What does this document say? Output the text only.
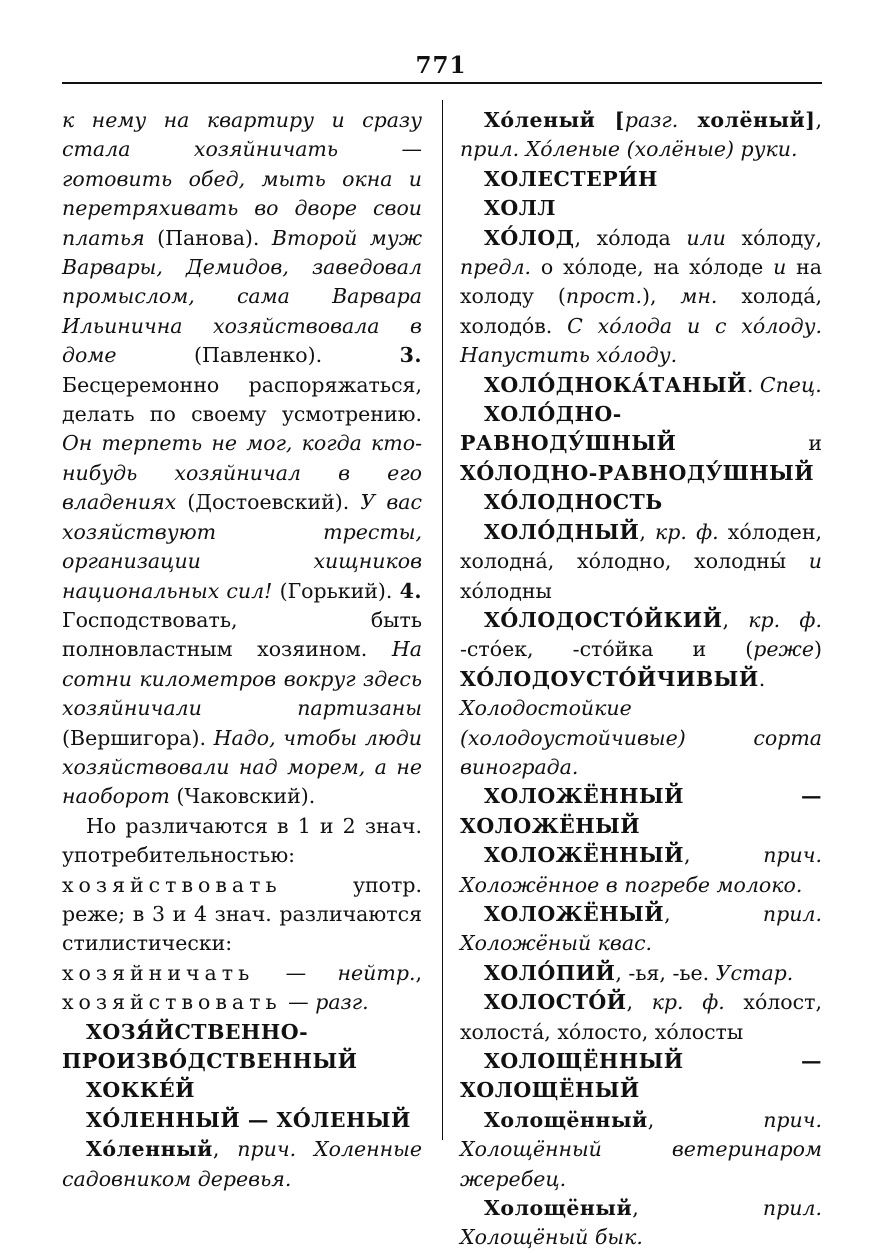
771

к нему на квартиру и сразу стала хозяйничать — готовить обед, мыть окна и перетряхивать во дворе свои платья (Панова). Второй муж Варвары, Демидов, заведовал промыслом, сама Варвара Ильинична хозяйствовала в доме (Павленко). 3. Бесцеремонно распоряжаться, делать по своему усмотрению. Он терпеть не мог, когда кто-нибудь хозяйничал в его владениях (Достоевский). У вас хозяйствуют тресты, организации хищников национальных сил! (Горький). 4. Господствовать, быть полновластным хозяином. На сотни километров вокруг здесь хозяйничали партизаны (Вершигора). Надо, чтобы люди хозяйствовали над морем, а не наоборот (Чаковский).

Но различаются в 1 и 2 знач. употребительностью: хозяйствовать употр. реже; в 3 и 4 знач. различаются стилистически: хозяйничать — нейтр., хозяйствовать — разг.

ХОЗЯ́ЙСТВЕННО-ПРОИЗВО́ДСТВЕННЫЙ

ХОККЕ́Й

ХО́ЛЕННЫЙ — ХО́ЛЕНЫЙ

Хо́ленный, прич. Холенные садовником деревья.

Хо́леный [разг. холёный], прил. Хо́леные (холёные) руки.

ХОЛЕСТЕРИ́Н

ХОЛЛ

ХО́ЛОД, хо́лода или хо́лоду, предл. о хо́лоде, на хо́лоде и на холоду (прост.), мн. холода́, холодо́в. С хо́лода и с хо́лоду. Напустить хо́лоду.

ХОЛО́ДНОКА́ТАНЫЙ. Спец.

ХОЛО́ДНО-РАВНОДУ́ШНЫЙ и ХО́ЛОДНО-РАВНОДУ́ШНЫЙ

ХО́ЛОДНОСТЬ

ХОЛО́ДНЫЙ, кр. ф. хо́лоден, холодна́, хо́лодно, холодны́ и хо́лодны

ХО́ЛОДОСТО́ЙКИЙ, кр. ф. -сто́ек, -сто́йка и (реже) ХО́ЛОДОУСТО́ЙЧИВЫЙ. Холодостойкие (холодоустойчивые) сорта винограда.

ХОЛОЖЁННЫЙ — ХОЛОЖЁНЫЙ

ХОЛОЖЁННЫЙ, прич. Холожённое в погребе молоко.

ХОЛОЖЁНЫЙ, прил. Холожёный квас.

ХОЛО́ПИЙ, -ья, -ье. Устар.

ХОЛОСТО́Й, кр. ф. хо́лост, холоста́, хо́лосто, хо́лосты

ХОЛОЩЁННЫЙ — ХОЛОЩЁНЫЙ

Холощённый, прич. Холощённый ветеринаром жеребец.

Холощёный, прил. Холощёный бык.
